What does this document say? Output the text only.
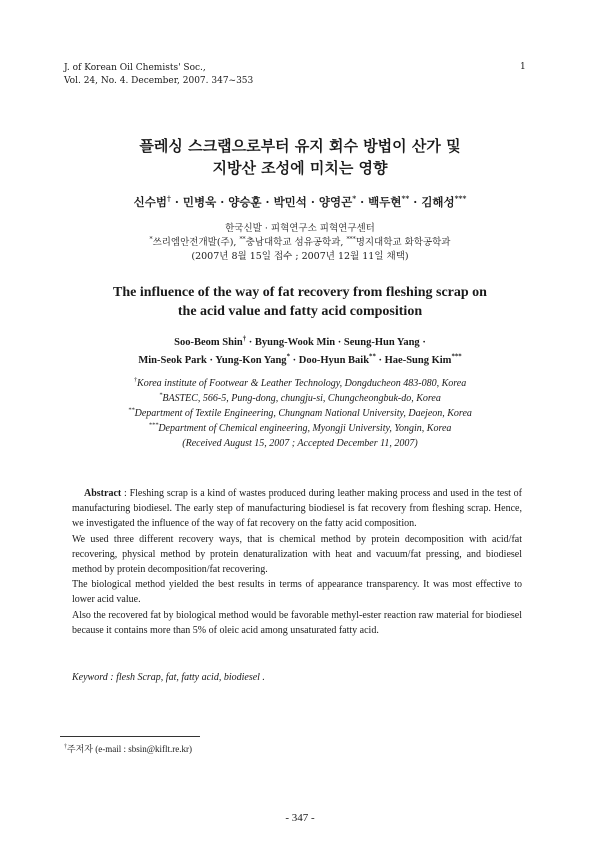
J. of Korean Oil Chemists' Soc.,
Vol. 24, No. 4. December, 2007. 347~353
1
플레싱 스크랩으로부터 유지 회수 방법이 산가 및
지방산 조성에 미치는 영향
신수범† · 민병욱 · 양승훈 · 박민석 · 양영곤* · 백두현** · 김해성***
한국신발 · 피혁연구소 피혁연구센터
*쓰리엠안전개발(주), **충남대학교 섬유공학과, ***명지대학교 화학공학과
(2007년 8월 15일 접수 ; 2007년 12월 11일 채택)
The influence of the way of fat recovery from fleshing scrap on
the acid value and fatty acid composition
Soo-Beom Shin† · Byung-Wook Min · Seung-Hun Yang ·
Min-Seok Park · Yung-Kon Yang* · Doo-Hyun Baik** · Hae-Sung Kim***
†Korea institute of Footwear & Leather Technology, Dongducheon 483-080, Korea
*BASTEC, 566-5, Pung-dong, chungju-si, Chungcheongbuk-do, Korea
**Department of Textile Engineering, Chungnam National University, Daejeon, Korea
***Department of Chemical engineering, Myongji University, Yongin, Korea
(Received August 15, 2007 ; Accepted December 11, 2007)

Abstract : Fleshing scrap is a kind of wastes produced during leather making process and used in the test of manufacturing biodiesel. The early step of manufacturing biodiesel is fat recovery from fleshing scrap. Hence, we investigated the influence of the way of fat recovery on the fatty acid composition.

We used three different recovery ways, that is chemical method by protein decomposition with acid/fat recovering, physical method by protein denaturalization with heat and vacuum/fat pressing, and biodiesel method by protein decomposition/fat recovering.

The biological method yielded the best results in terms of appearance transparency. It was most effective to lower acid value.

Also the recovered fat by biological method would be favorable methyl-ester reaction raw material for biodiesel because it contains more than 5% of oleic acid among unsaturated fatty acid.

Keyword : flesh Scrap, fat, fatty acid, biodiesel .
†주저자 (e-mail : sbsin@kiflt.re.kr)
- 347 -
